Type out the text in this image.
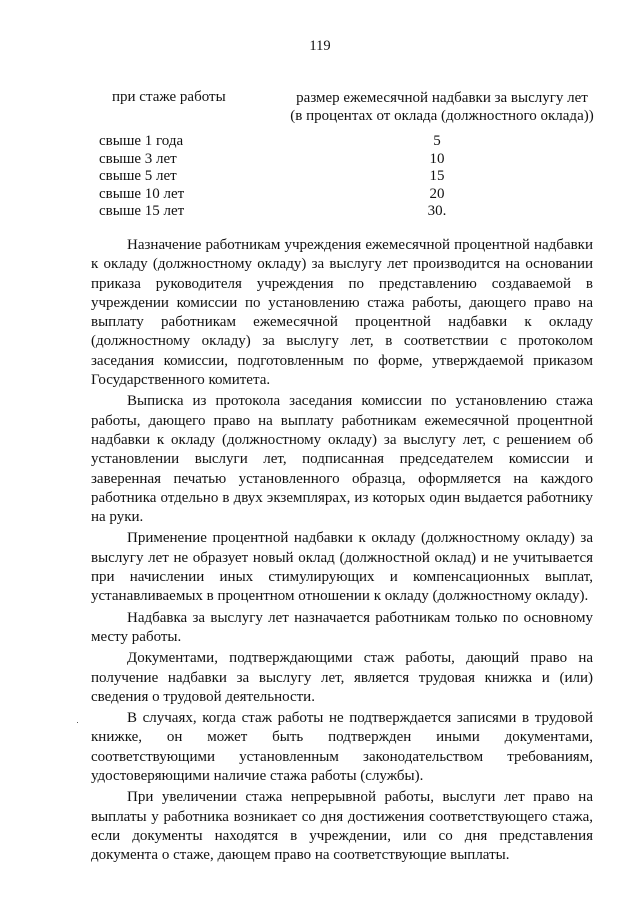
119
при стаже работы	размер ежемесячной надбавки за выслугу лет
(в процентах от оклада (должностного оклада))
свыше 1 года	5
свыше 3 лет	10
свыше 5 лет	15
свыше 10 лет	20
свыше 15 лет	30.

Назначение работникам учреждения ежемесячной процентной надбавки к окладу (должностному окладу) за выслугу лет производится на основании приказа руководителя учреждения по представлению создаваемой в учреждении комиссии по установлению стажа работы, дающего право на выплату работникам ежемесячной процентной надбавки к окладу (должностному окладу) за выслугу лет, в соответствии с протоколом заседания комиссии, подготовленным по форме, утверждаемой приказом Государственного комитета.

Выписка из протокола заседания комиссии по установлению стажа работы, дающего право на выплату работникам ежемесячной процентной надбавки к окладу (должностному окладу) за выслугу лет, с решением об установлении выслуги лет, подписанная председателем комиссии и заверенная печатью установленного образца, оформляется на каждого работника отдельно в двух экземплярах, из которых один выдается работнику на руки.

Применение процентной надбавки к окладу (должностному окладу) за выслугу лет не образует новый оклад (должностной оклад) и не учитывается при начислении иных стимулирующих и компенсационных выплат, устанавливаемых в процентном отношении к окладу (должностному окладу).

Надбавка за выслугу лет назначается работникам только по основному месту работы.

Документами, подтверждающими стаж работы, дающий право на получение надбавки за выслугу лет, является трудовая книжка и (или) сведения о трудовой деятельности.

В случаях, когда стаж работы не подтверждается записями в трудовой книжке, он может быть подтвержден иными документами, соответствующими установленным законодательством требованиям, удостоверяющими наличие стажа работы (службы).

При увеличении стажа непрерывной работы, выслуги лет право на выплаты у работника возникает со дня достижения соответствующего стажа, если документы находятся в учреждении, или со дня представления документа о стаже, дающем право на соответствующие выплаты.
